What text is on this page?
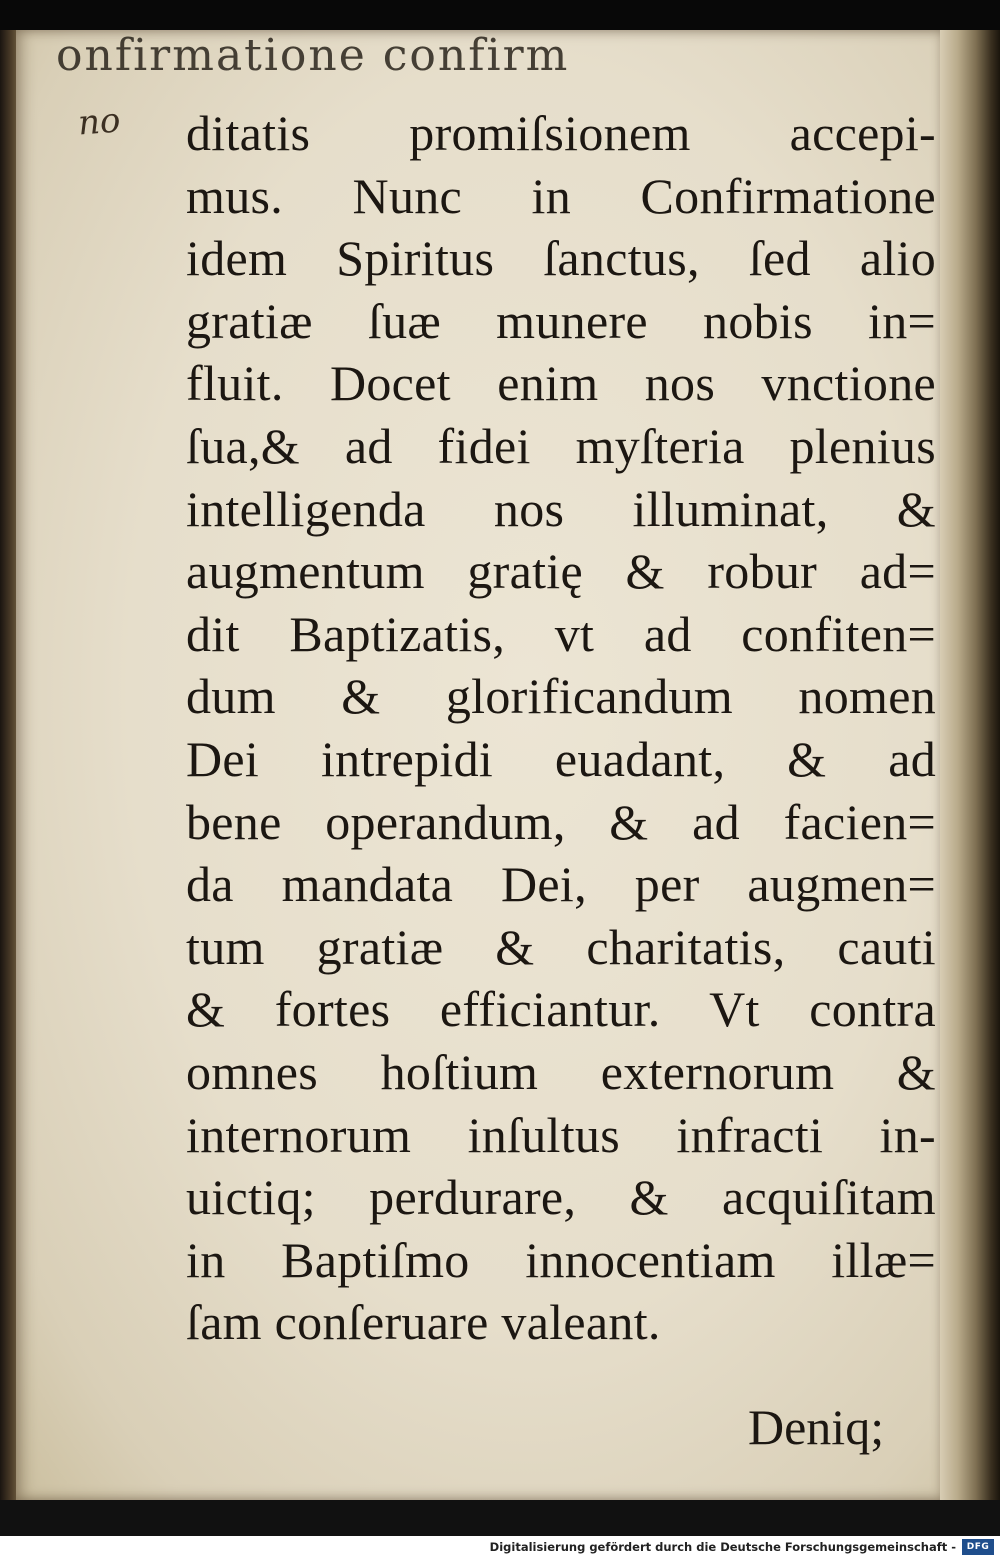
onfirmatione confirm
no ditatis promiſsionem accepi-
mus. Nunc in Confirmatione
idem Spiritus ſanctus, ſed alio
gratiæ ſuæ munere nobis in=
fluit. Docet enim nos vnctione
ſua,& ad fidei myſteria plenius
intelligenda nos illuminat, &
augmentum gratię & robur ad=
dit Baptizatis, vt ad confiten=
dum & glorificandum nomen
Dei intrepidi euadant, & ad
bene operandum, & ad facien=
da mandata Dei, per augmen=
tum gratiæ & charitatis, cauti
& fortes efficiantur. Vt contra
omnes hoſtium externorum &
internorum inſultus infracti in-
uictiq; perdurare, & acquiſitam
in Baptiſmo innocentiam illæ=
ſam conſeruare valeant.
Deniq;
Digitalisierung gefördert durch die Deutsche Forschungsgemeinschaft -	DFG
